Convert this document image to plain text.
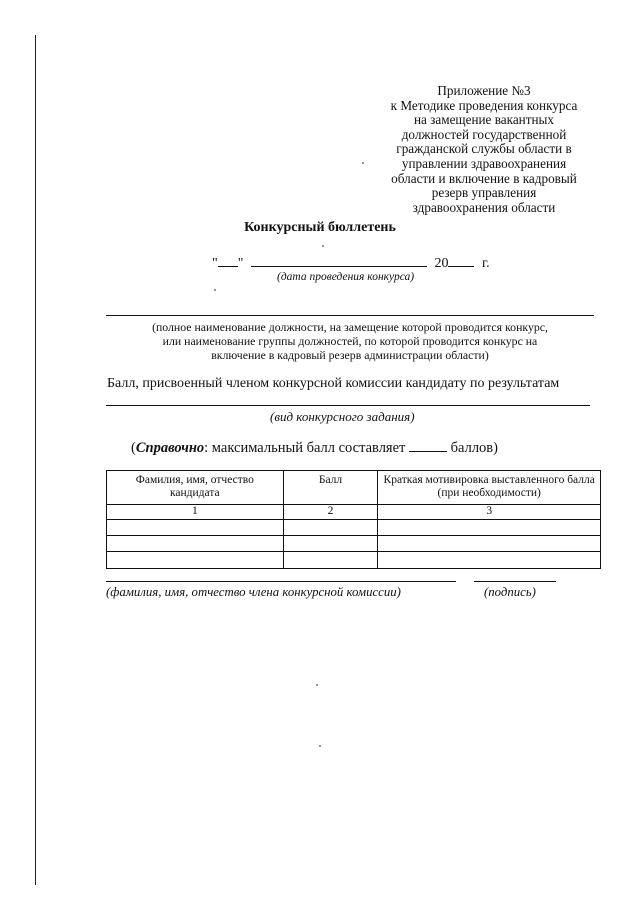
Приложение №3
к Методике проведения конкурса
на замещение вакантных
должностей государственной
гражданской службы области в
управлении здравоохранения
области и включение в кадровый
резерв управления
здравоохранения области
Конкурсный бюллетень
" "	20 г.
(дата проведения конкурса)
(полное наименование должности, на замещение которой проводится конкурс,
или наименование группы должностей, по которой проводится конкурс на
включение в кадровый резерв администрации области)
Балл, присвоенный членом конкурсной комиссии кандидату по результатам
(вид конкурсного задания)
(Справочно: максимальный балл составляет	баллов)
Фамилия, имя, отчество кандидата	Балл	Краткая мотивировка выставленного балла (при необходимости)
1	2	3

(фамилия, имя, отчество члена конкурсной комиссии)	(подпись)
